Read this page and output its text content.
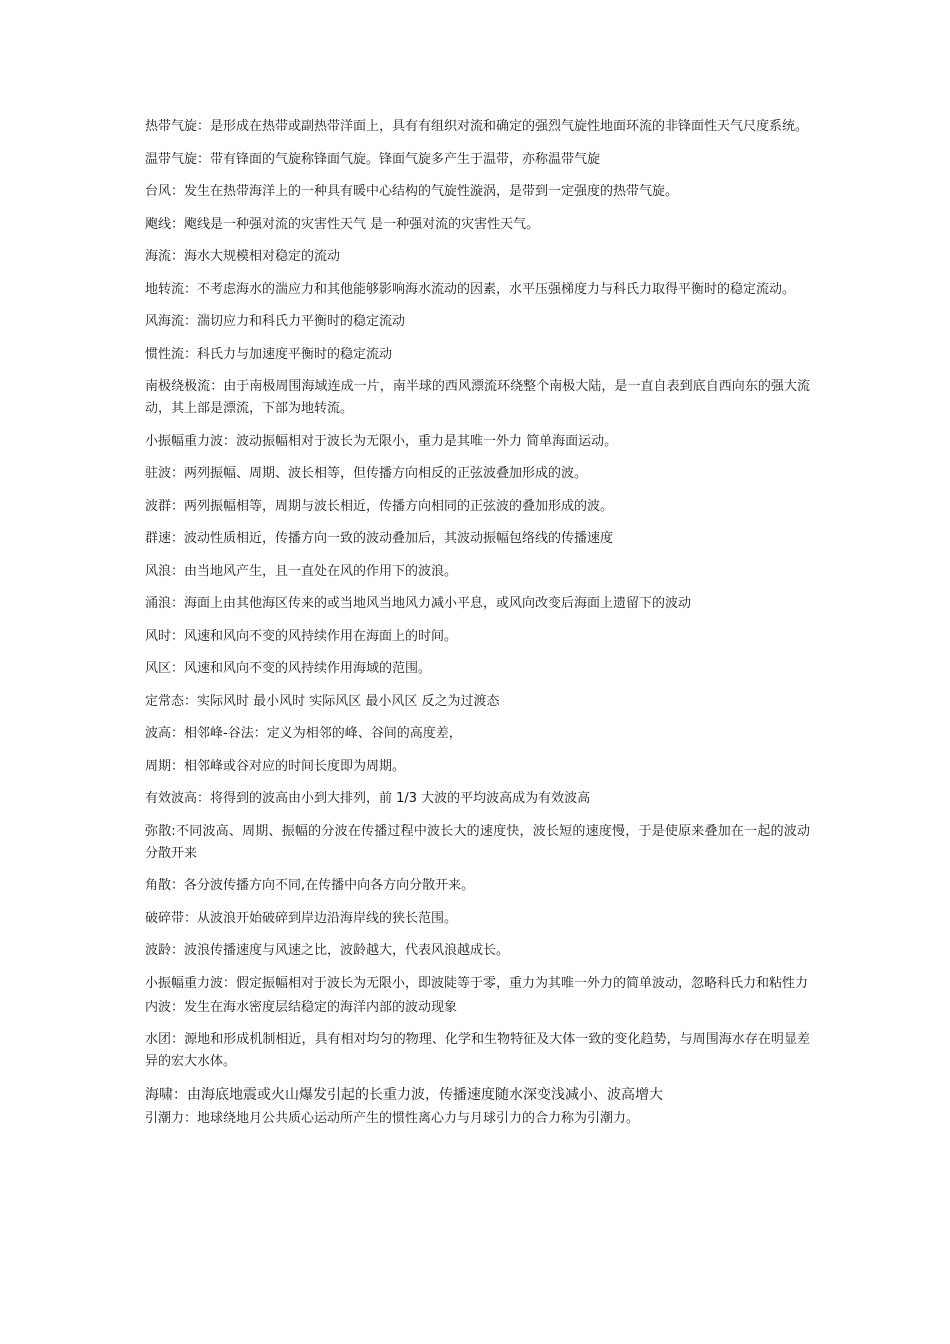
热带气旋：是形成在热带或副热带洋面上，具有有组织对流和确定的强烈气旋性地面环流的非锋面性天气尺度系统。

温带气旋：带有锋面的气旋称锋面气旋。锋面气旋多产生于温带，亦称温带气旋

台风：发生在热带海洋上的一种具有暖中心结构的气旋性漩涡，是带到一定强度的热带气旋。

飑线：飑线是一种强对流的灾害性天气 是一种强对流的灾害性天气。

海流：海水大规模相对稳定的流动

地转流：不考虑海水的湍应力和其他能够影响海水流动的因素，水平压强梯度力与科氏力取得平衡时的稳定流动。

风海流：湍切应力和科氏力平衡时的稳定流动

惯性流：科氏力与加速度平衡时的稳定流动

南极绕极流：由于南极周围海域连成一片，南半球的西风漂流环绕整个南极大陆，是一直自表到底自西向东的强大流动，其上部是漂流，下部为地转流。

小振幅重力波：波动振幅相对于波长为无限小，重力是其唯一外力 简单海面运动。

驻波：两列振幅、周期、波长相等，但传播方向相反的正弦波叠加形成的波。

波群：两列振幅相等，周期与波长相近，传播方向相同的正弦波的叠加形成的波。

群速：波动性质相近，传播方向一致的波动叠加后，其波动振幅包络线的传播速度

风浪：由当地风产生，且一直处在风的作用下的波浪。

涌浪：海面上由其他海区传来的或当地风当地风力减小平息，或风向改变后海面上遗留下的波动

风时：风速和风向不变的风持续作用在海面上的时间。

风区：风速和风向不变的风持续作用海域的范围。

定常态：实际风时 最小风时 实际风区 最小风区 反之为过渡态

波高：相邻峰-谷法：定义为相邻的峰、谷间的高度差，

周期：相邻峰或谷对应的时间长度即为周期。

有效波高：将得到的波高由小到大排列，前 1/3 大波的平均波高成为有效波高

弥散:不同波高、周期、振幅的分波在传播过程中波长大的速度快，波长短的速度慢，于是使原来叠加在一起的波动分散开来

角散：各分波传播方向不同,在传播中向各方向分散开来。

破碎带：从波浪开始破碎到岸边沿海岸线的狭长范围。

波龄：波浪传播速度与风速之比，波龄越大，代表风浪越成长。

小振幅重力波：假定振幅相对于波长为无限小，即波陡等于零，重力为其唯一外力的简单波动，忽略科氏力和粘性力

内波：发生在海水密度层结稳定的海洋内部的波动现象

水团：源地和形成机制相近，具有相对均匀的物理、化学和生物特征及大体一致的变化趋势，与周围海水存在明显差异的宏大水体。

海啸：由海底地震或火山爆发引起的长重力波，传播速度随水深变浅减小、波高增大

引潮力：地球绕地月公共质心运动所产生的惯性离心力与月球引力的合力称为引潮力。
